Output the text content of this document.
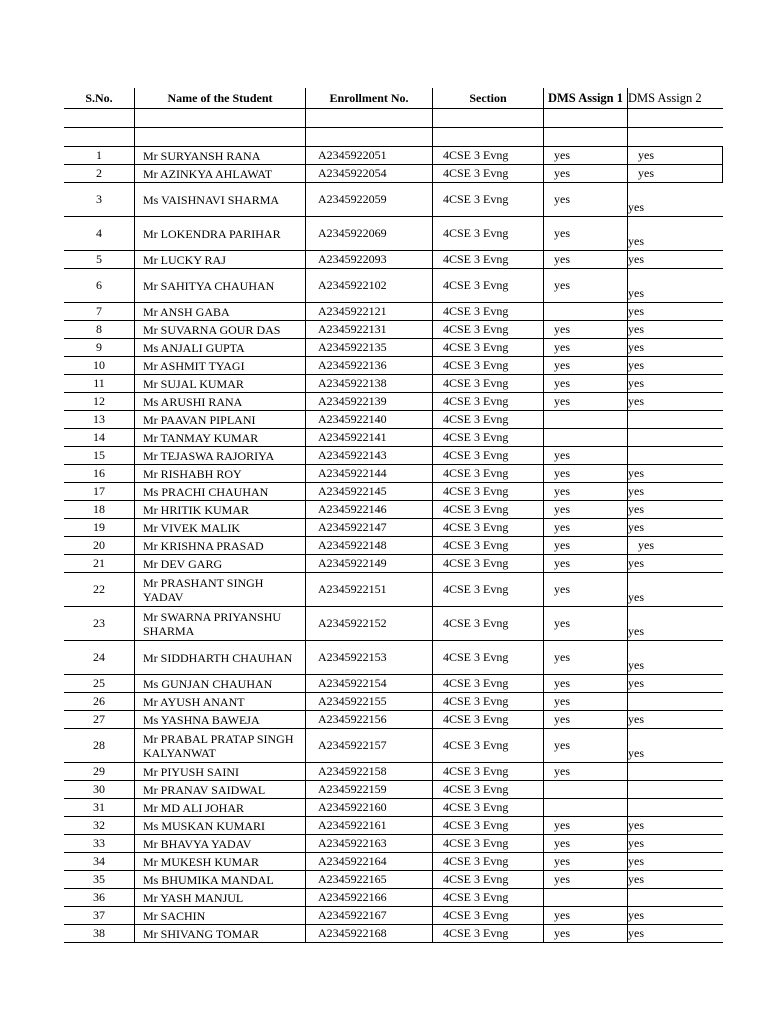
S.No.	Name of the Student	Enrollment No.	Section	DMS Assign 1	DMS Assign 2

1	Mr SURYANSH RANA	A2345922051	4CSE 3 Evng	yes	yes
2	Mr AZINKYA AHLAWAT	A2345922054	4CSE 3 Evng	yes	yes
3	Ms VAISHNAVI SHARMA	A2345922059	4CSE 3 Evng	yes	yes
4	Mr LOKENDRA PARIHAR	A2345922069	4CSE 3 Evng	yes	yes
5	Mr LUCKY RAJ	A2345922093	4CSE 3 Evng	yes	yes
6	Mr SAHITYA CHAUHAN	A2345922102	4CSE 3 Evng	yes	yes
7	Mr ANSH GABA	A2345922121	4CSE 3 Evng		yes
8	Mr SUVARNA GOUR DAS	A2345922131	4CSE 3 Evng	yes	yes
9	Ms ANJALI GUPTA	A2345922135	4CSE 3 Evng	yes	yes
10	Mr ASHMIT TYAGI	A2345922136	4CSE 3 Evng	yes	yes
11	Mr SUJAL KUMAR	A2345922138	4CSE 3 Evng	yes	yes
12	Ms ARUSHI RANA	A2345922139	4CSE 3 Evng	yes	yes
13	Mr PAAVAN PIPLANI	A2345922140	4CSE 3 Evng		
14	Mr TANMAY KUMAR	A2345922141	4CSE 3 Evng		
15	Mr TEJASWA RAJORIYA	A2345922143	4CSE 3 Evng	yes	
16	Mr RISHABH ROY	A2345922144	4CSE 3 Evng	yes	yes
17	Ms PRACHI CHAUHAN	A2345922145	4CSE 3 Evng	yes	yes
18	Mr HRITIK KUMAR	A2345922146	4CSE 3 Evng	yes	yes
19	Mr VIVEK MALIK	A2345922147	4CSE 3 Evng	yes	yes
20	Mr KRISHNA PRASAD	A2345922148	4CSE 3 Evng	yes	yes
21	Mr DEV GARG	A2345922149	4CSE 3 Evng	yes	yes
22	Mr PRASHANT SINGH YADAV	A2345922151	4CSE 3 Evng	yes	yes
23	Mr SWARNA PRIYANSHU SHARMA	A2345922152	4CSE 3 Evng	yes	yes
24	Mr SIDDHARTH CHAUHAN	A2345922153	4CSE 3 Evng	yes	yes
25	Ms GUNJAN CHAUHAN	A2345922154	4CSE 3 Evng	yes	yes
26	Mr AYUSH ANANT	A2345922155	4CSE 3 Evng	yes	
27	Ms YASHNA BAWEJA	A2345922156	4CSE 3 Evng	yes	yes
28	Mr PRABAL PRATAP SINGH KALYANWAT	A2345922157	4CSE 3 Evng	yes	yes
29	Mr PIYUSH SAINI	A2345922158	4CSE 3 Evng	yes	
30	Mr PRANAV SAIDWAL	A2345922159	4CSE 3 Evng		
31	Mr MD ALI JOHAR	A2345922160	4CSE 3 Evng		
32	Ms MUSKAN KUMARI	A2345922161	4CSE 3 Evng	yes	yes
33	Mr BHAVYA YADAV	A2345922163	4CSE 3 Evng	yes	yes
34	Mr MUKESH KUMAR	A2345922164	4CSE 3 Evng	yes	yes
35	Ms BHUMIKA MANDAL	A2345922165	4CSE 3 Evng	yes	yes
36	Mr YASH MANJUL	A2345922166	4CSE 3 Evng		
37	Mr SACHIN	A2345922167	4CSE 3 Evng	yes	yes
38	Mr SHIVANG TOMAR	A2345922168	4CSE 3 Evng	yes	yes
